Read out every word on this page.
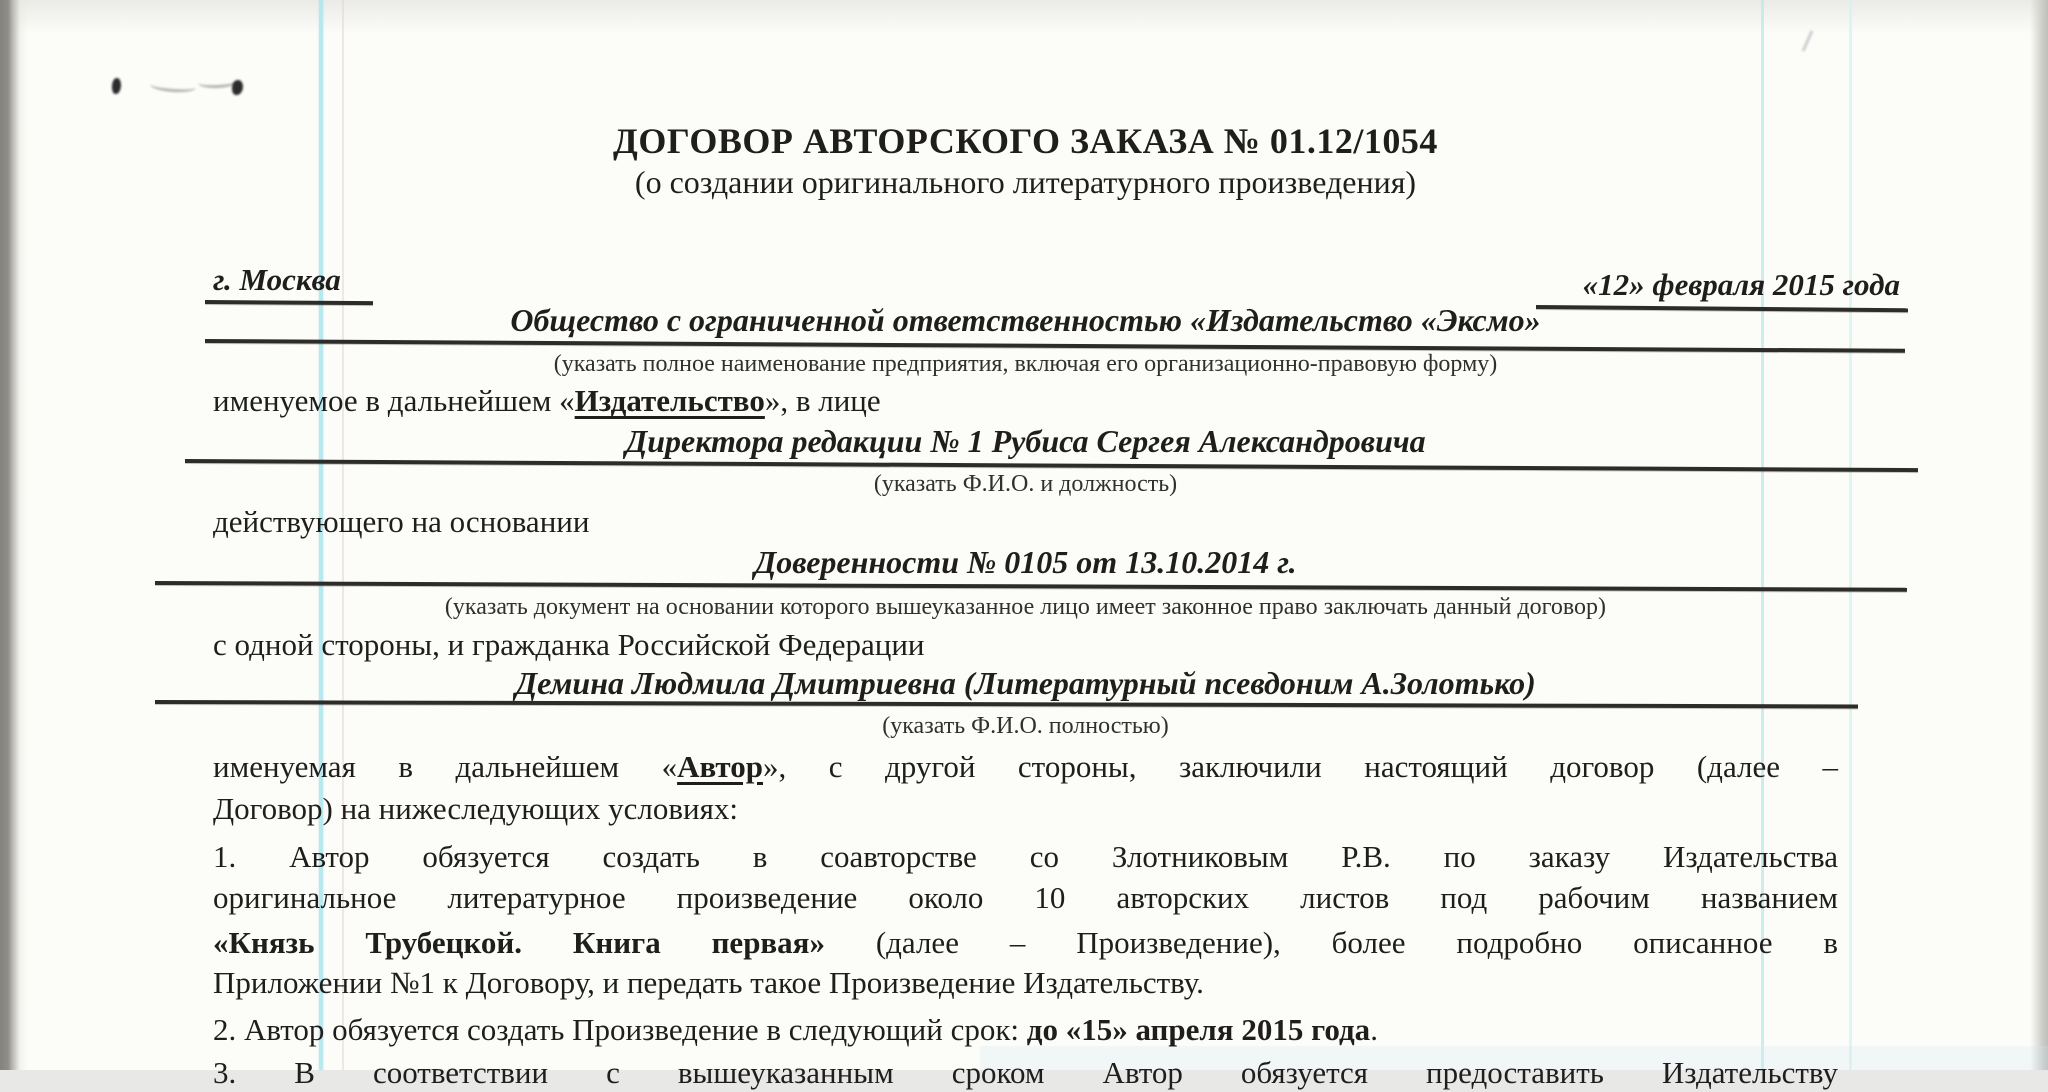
ДОГОВОР АВТОРСКОГО ЗАКАЗА № 01.12/1054
(о создании оригинального литературного произведения)
г. Москва	«12» февраля 2015 года
Общество с ограниченной ответственностью «Издательство «Эксмо»
(указать полное наименование предприятия, включая его организационно-правовую форму)
именуемое в дальнейшем «Издательство», в лице
Директора редакции № 1 Рубиса Сергея Александровича
(указать Ф.И.О. и должность)
действующего на основании
Доверенности № 0105 от 13.10.2014 г.
(указать документ на основании которого вышеуказанное лицо имеет законное право заключать данный договор)
с одной стороны, и гражданка Российской Федерации
Демина Людмила Дмитриевна (Литературный псевдоним А.Золотько)
(указать Ф.И.О. полностью)
именуемая в дальнейшем «Автор», с другой стороны, заключили настоящий договор (далее –
Договор) на нижеследующих условиях:
1. Автор обязуется создать в соавторстве со Злотниковым Р.В. по заказу Издательства
оригинальное литературное произведение около 10 авторских листов под рабочим названием
«Князь Трубецкой. Книга первая» (далее – Произведение), более подробно описанное в
Приложении №1 к Договору, и передать такое Произведение Издательству.
2. Автор обязуется создать Произведение в следующий срок: до «15» апреля 2015 года.
3. В соответствии с вышеуказанным сроком Автор обязуется предоставить Издательству
